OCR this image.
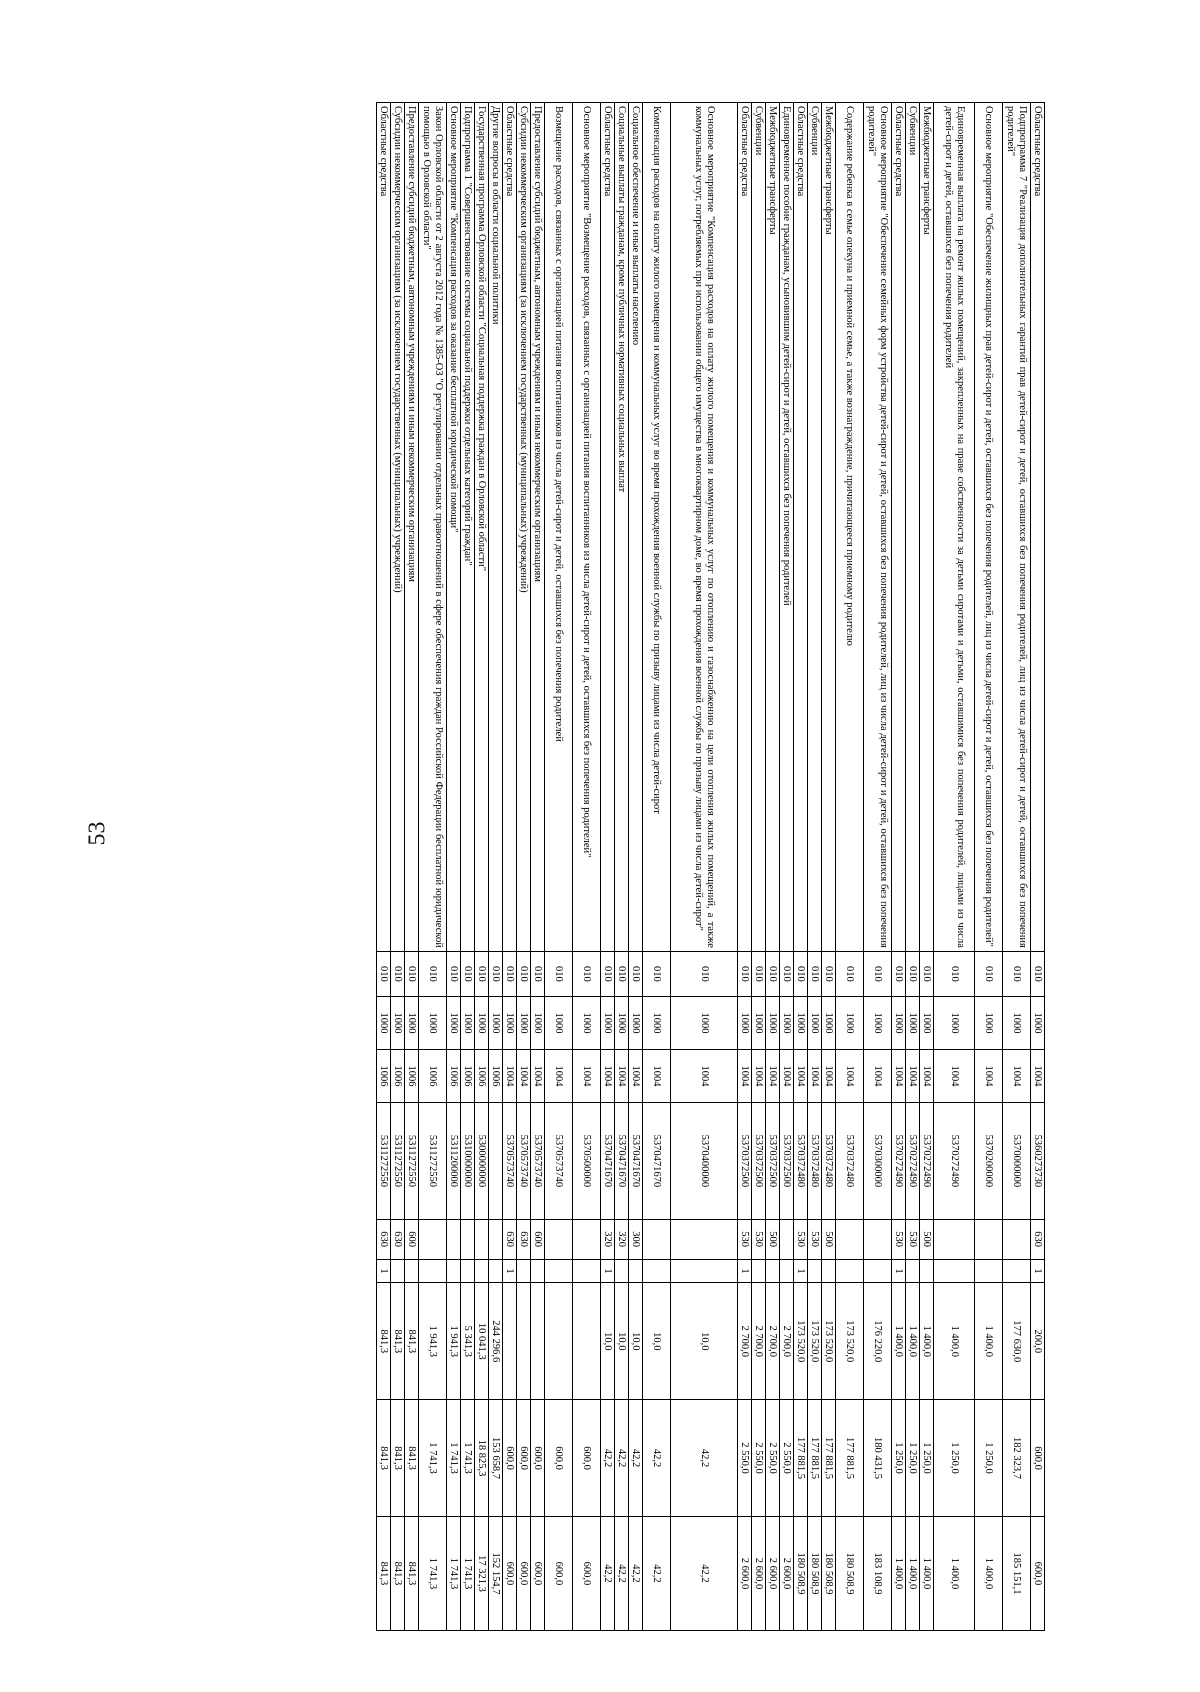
53
Областные средства	010	1000	1004	5360273730	630	1	200,0	600,0	600,0
Подпрограмма 7 "Реализация дополнительных гарантий прав детей-сирот и детей, оставшихся без попечения родителей, лиц из числа детей-сирот и детей, оставшихся без попечения родителей"	010	1000	1004	5370000000			177 630,0	182 323,7	185 151,1
Основное мероприятие "Обеспечение жилищных прав детей-сирот и детей, оставшихся без попечения родителей, лиц из числа детей-сирот и детей, оставшихся без попечения родителей"	010	1000	1004	5370200000			1 400,0	1 250,0	1 400,0
Единовременная выплата на ремонт жилых помещений, закрепленных на праве собственности за детьми сиротами и детьми, оставшимися без попечения родителей, лицами из числа детей-сирот и детей, оставшихся без попечения родителей	010	1000	1004	5370272490			1 400,0	1 250,0	1 400,0
Межбюджетные трансферты	010	1000	1004	5370272490	500		1 400,0	1 250,0	1 400,0
Субвенции	010	1000	1004	5370272490	530		1 400,0	1 250,0	1 400,0
Областные средства	010	1000	1004	5370272490	530	1	1 400,0	1 250,0	1 400,0
Основное мероприятие "Обеспечение семейных форм устройства детей-сирот и детей, оставшихся без попечения родителей, лиц из числа детей-сирот и детей, оставшихся без попечения родителей"	010	1000	1004	5370300000			176 220,0	180 431,5	183 108,9
Содержание ребенка в семье опекуна и приемной семье, а также вознаграждение, причитающееся приемному родителю	010	1000	1004	5370372480			173 520,0	177 881,5	180 508,9
Межбюджетные трансферты	010	1000	1004	5370372480	500		173 520,0	177 881,5	180 508,9
Субвенции	010	1000	1004	5370372480	530		173 520,0	177 881,5	180 508,9
Областные средства	010	1000	1004	5370372480	530	1	173 520,0	177 881,5	180 508,9
Единовременное пособие гражданам, усыновившим детей-сирот и детей, оставшихся без попечения родителей	010	1000	1004	5370372500			2 700,0	2 550,0	2 600,0
Межбюджетные трансферты	010	1000	1004	5370372500	500		2 700,0	2 550,0	2 600,0
Субвенции	010	1000	1004	5370372500	530		2 700,0	2 550,0	2 600,0
Областные средства	010	1000	1004	5370372500	530	1	2 700,0	2 550,0	2 600,0
Основное мероприятие "Компенсация расходов на оплату жилого помещения и коммунальных услуг по отоплению и газоснабжению на цели отопления жилых помещений, а также коммунальных услуг, потребляемых при использовании общего имущества в многоквартирном доме, во время прохождения военной службы по призыву лицами из числа детей-сирот"	010	1000	1004	5370400000			10,0	42,2	42,2
Компенсация расходов на оплату жилого помещения и коммунальных услуг во время прохождения военной службы по призыву лицами из числа детей-сирот	010	1000	1004	5370471670			10,0	42,2	42,2
Социальное обеспечение и иные выплаты населению	010	1000	1004	5370471670	300		10,0	42,2	42,2
Социальные выплаты гражданам, кроме публичных нормативных социальных выплат	010	1000	1004	5370471670	320		10,0	42,2	42,2
Областные средства	010	1000	1004	5370471670	320	1	10,0	42,2	42,2
Основное мероприятие "Возмещение расходов, связанных с организацией питания воспитанников из числа детей-сирот и детей, оставшихся без попечения родителей"	010	1000	1004	5370500000				600,0	600,0
Возмещение расходов, связанных с организацией питания воспитанников из числа детей-сирот и детей, оставшихся без попечения родителей	010	1000	1004	5370573740				600,0	600,0
Предоставление субсидий бюджетным, автономным учреждениям и иным некоммерческим организациям	010	1000	1004	5370573740	600			600,0	600,0
Субсидии некоммерческим организациям (за исключением государственных (муниципальных) учреждений)	010	1000	1004	5370573740	630			600,0	600,0
Областные средства	010	1000	1004	5370573740	630	1		600,0	600,0
Другие вопросы в области социальной политики	010	1000	1006				244 296,6	153 658,7	152 154,7
Государственная программа Орловской области "Социальная поддержка граждан в Орловской области"	010	1000	1006	5300000000			10 041,3	18 825,3	17 321,3
Подпрограмма 1 "Совершенствование системы социальной поддержки отдельных категорий граждан"	010	1000	1006	5310000000			5 341,3	1 741,3	1 741,3
Основное мероприятие "Компенсация расходов за оказание бесплатной юридической помощи"	010	1000	1006	5311200000			1 941,3	1 741,3	1 741,3
Закон Орловской области от 2 августа 2012 года № 1385-ОЗ "О регулировании отдельных правоотношений в сфере обеспечения граждан Российской Федерации бесплатной юридической помощью в Орловской области"	010	1000	1006	5311272550			1 941,3	1 741,3	1 741,3
Предоставление субсидий бюджетным, автономным учреждениям и иным некоммерческим организациям	010	1000	1006	5311272550	600		841,3	841,3	841,3
Субсидии некоммерческим организациям (за исключением государственных (муниципальных) учреждений)	010	1000	1006	5311272550	630		841,3	841,3	841,3
Областные средства	010	1000	1006	5311272550	630	1	841,3	841,3	841,3
